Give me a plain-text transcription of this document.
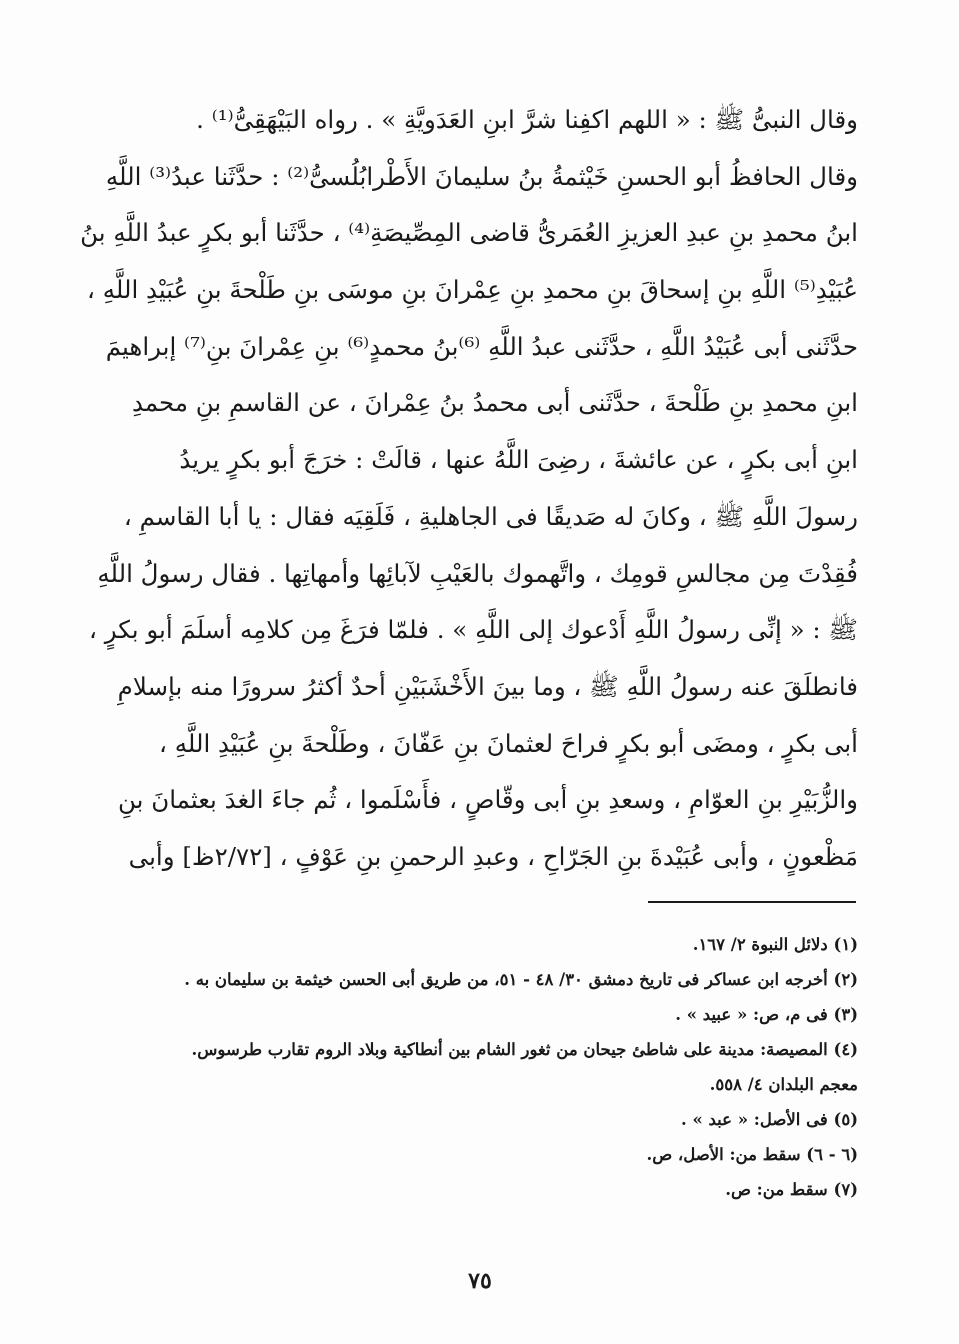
وقال النبىُّ ﷺ : « اللهم اكفِنا شرَّ ابنِ العَدَويَّةِ » . رواه البَيْهَقِىُّ⁽¹⁾ .
وقال الحافظُ أبو الحسنِ خَيْثمةُ بنُ سليمانَ الأَطْرابُلُسىُّ⁽²⁾ : حدَّثَنا عبدُ⁽³⁾ اللَّهِ
ابنُ محمدِ بنِ عبدِ العزيزِ العُمَرىُّ قاضى المِصِّيصَةِ⁽⁴⁾ ، حدَّثَنا أبو بكرٍ عبدُ اللَّهِ بنُ
عُبَيْدِ⁽⁵⁾ اللَّهِ بنِ إسحاقَ بنِ محمدِ بنِ عِمْرانَ بنِ موسَى بنِ طَلْحةَ بنِ عُبَيْدِ اللَّهِ ،
حدَّثَنى أبى عُبَيْدُ اللَّهِ ، حدَّثَنى عبدُ اللَّهِ ⁽⁶⁾بنُ محمدٍ⁽⁶⁾ بنِ عِمْرانَ بنِ⁽⁷⁾ إبراهيمَ
ابنِ محمدِ بنِ طَلْحةَ ، حدَّثَنى أبى محمدُ بنُ عِمْرانَ ، عن القاسمِ بنِ محمدِ
ابنِ أبى بكرٍ ، عن عائشةَ ، رضِىَ اللَّهُ عنها ، قالَتْ : خرَجَ أبو بكرٍ يريدُ
رسولَ اللَّهِ ﷺ ، وكانَ له صَديقًا فى الجاهليةِ ، فَلَقِيَه فقال : يا أبا القاسمِ ،
فُقِدْتَ مِن مجالسِ قومِك ، واتَّهموك بالعَيْبِ لآبائِها وأمهاتِها . فقال رسولُ اللَّهِ
ﷺ : « إنِّى رسولُ اللَّهِ أَدْعوك إلى اللَّهِ » . فلمّا فرَغَ مِن كلامِه أسلَمَ أبو بكرٍ ،
فانطلَقَ عنه رسولُ اللَّهِ ﷺ ، وما بينَ الأَخْشَبَيْنِ أحدٌ أكثرُ سرورًا منه بإسلامِ
أبى بكرٍ ، ومضَى أبو بكرٍ فراحَ لعثمانَ بنِ عَفّانَ ، وطَلْحةَ بنِ عُبَيْدِ اللَّهِ ،
والزُّبَيْرِ بنِ العوّامِ ، وسعدِ بنِ أبى وقّاصٍ ، فأَسْلَموا ، ثُم جاءَ الغدَ بعثمانَ بنِ
مَظْعونٍ ، وأبى عُبَيْدةَ بنِ الجَرّاحِ ، وعبدِ الرحمنِ بنِ عَوْفٍ ، [٢/٧٢ظ] وأبى
(١) دلائل النبوة ٢/ ١٦٧.
(٢) أخرجه ابن عساكر فى تاريخ دمشق ٣٠/ ٤٨ - ٥١، من طريق أبى الحسن خيثمة بن سليمان به .
(٣) فى م، ص: « عبيد » .
(٤) المصيصة: مدينة على شاطئ جيحان من ثغور الشام بين أنطاكية وبلاد الروم تقارب طرسوس.
معجم البلدان ٤/ ٥٥٨.
(٥) فى الأصل: « عبد » .
(٦ - ٦) سقط من: الأصل، ص.
(٧) سقط من: ص.
٧٥
